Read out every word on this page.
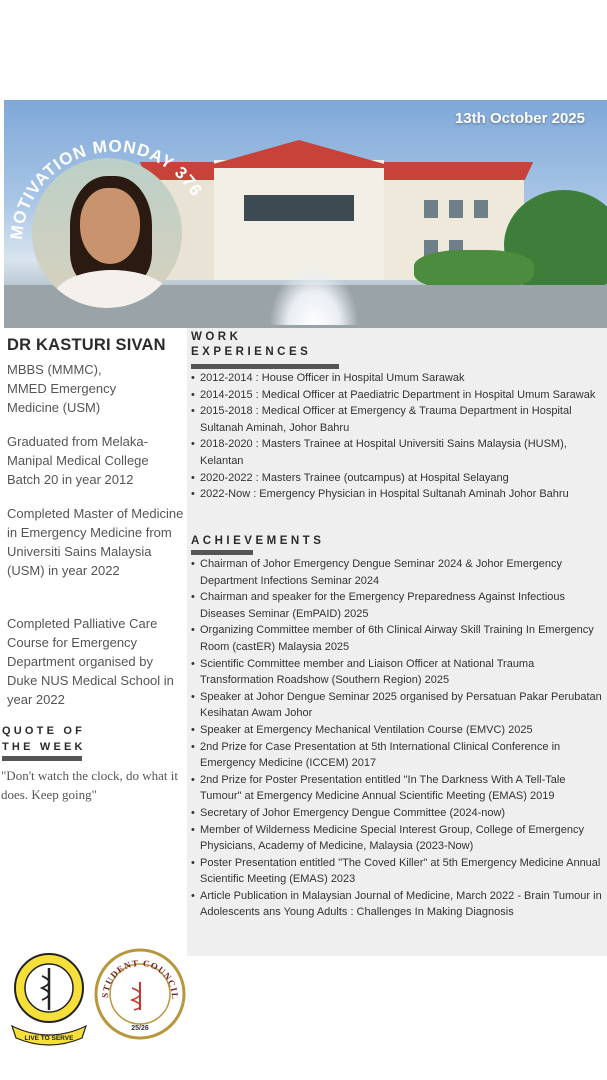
MOTIVATION MONDAY 376
13th October 2025
DR KASTURI SIVAN
MBBS (MMMC),
MMED Emergency
Medicine (USM)
Graduated from Melaka-Manipal Medical College Batch 20 in year 2012
Completed Master of Medicine in Emergency Medicine from Universiti Sains Malaysia (USM) in year 2022
Completed Palliative Care Course for Emergency Department organised by Duke NUS Medical School in year 2022
QUOTE OF
THE WEEK
"Don't watch the clock, do what it does. Keep going"
LIVE TO SERVE
STUDENT COUNCIL
25/26
WORK
EXPERIENCES
• 2012-2014 : House Officer in Hospital Umum Sarawak
• 2014-2015 : Medical Officer at Paediatric Department in Hospital Umum Sarawak
• 2015-2018 : Medical Officer at Emergency & Trauma Department in Hospital Sultanah Aminah, Johor Bahru
• 2018-2020 : Masters Trainee at Hospital Universiti Sains Malaysia (HUSM), Kelantan
• 2020-2022 : Masters Trainee (outcampus) at Hospital Selayang
• 2022-Now : Emergency Physician in Hospital Sultanah Aminah Johor Bahru
ACHIEVEMENTS
• Chairman of Johor Emergency Dengue Seminar 2024 & Johor Emergency Department Infections Seminar 2024
• Chairman and speaker for the Emergency Preparedness Against Infectious Diseases Seminar (EmPAID) 2025
• Organizing Committee member of 6th Clinical Airway Skill Training In Emergency Room (castER) Malaysia 2025
• Scientific Committee member and Liaison Officer at National Trauma Transformation Roadshow (Southern Region) 2025
• Speaker at Johor Dengue Seminar 2025 organised by Persatuan Pakar Perubatan Kesihatan Awam Johor
• Speaker at Emergency Mechanical Ventilation Course (EMVC) 2025
• 2nd Prize for Case Presentation at 5th International Clinical Conference in Emergency Medicine (ICCEM) 2017
• 2nd Prize for Poster Presentation entitled "In The Darkness With A Tell-Tale Tumour" at Emergency Medicine Annual Scientific Meeting (EMAS) 2019
• Secretary of Johor Emergency Dengue Committee (2024-now)
• Member of Wilderness Medicine Special Interest Group, College of Emergency Physicians, Academy of Medicine, Malaysia (2023-Now)
• Poster Presentation entitled "The Coved Killer" at 5th Emergency Medicine Annual Scientific Meeting (EMAS) 2023
• Article Publication in Malaysian Journal of Medicine, March 2022 - Brain Tumour in Adolescents ans Young Adults : Challenges In Making Diagnosis
